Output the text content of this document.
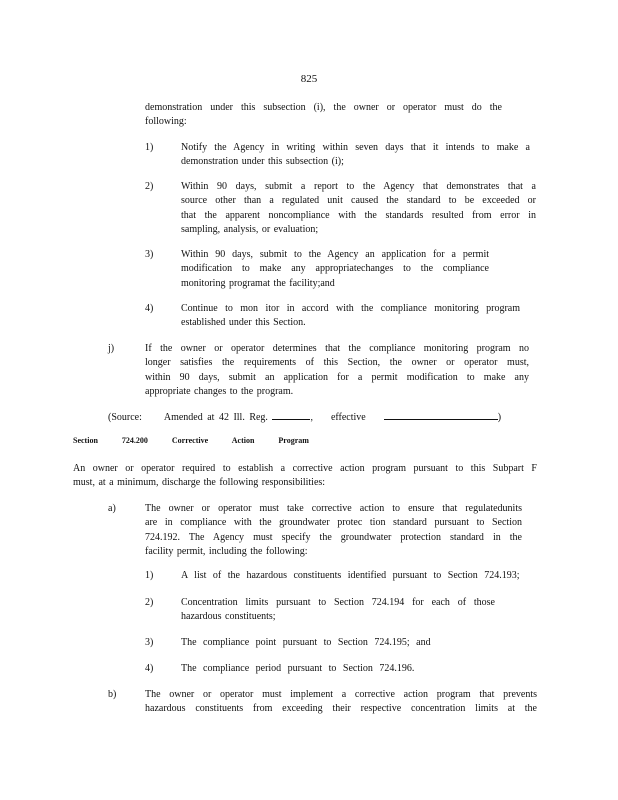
825

demonstration under this subsection (i), the owner or operator must do the

following:

1)	Notify the Agency in writing within seven days that it intends to make a

demonstration under this subsection (i);

2)	Within 90 days, submit a report to the Agency that demonstrates that a

source other than a regulated unit caused the standard to be exceeded or

that the apparent noncompliance with the standards resulted from error in

sampling, analysis, or evaluation;

3)	Within 90 days, submit to the Agency an application for a permit

modification to make any appropriatechanges to the compliance

monitoring programat the facility;and

4)	Continue to mon itor in accord with the compliance monitoring program

established under this Section.

j)	If the owner or operator determines that the compliance monitoring program no

longer satisfies the requirements of this Section, the owner or operator must,

within 90 days, submit an application for a permit modification to make any

appropriate changes to the program.

(Source: Amended at 42 Ill. Reg.	, effective	)
Section	724.200	Corrective	Action	Program

An owner or operator required to establish a corrective action program pursuant to this Subpart F

must, at a minimum, discharge the following responsibilities:

a)	The owner or operator must take corrective action to ensure that regulatedunits

are in compliance with the groundwater protec tion standard pursuant to Section

724.192. The Agency must specify the groundwater protection standard in the

facility permit, including the following:

1)	A list of the hazardous constituents identified pursuant to Section 724.193;

2)	Concentration limits pursuant to Section 724.194 for each of those

hazardous constituents;

3)	The compliance point pursuant to Section 724.195; and

4)	The compliance period pursuant to Section 724.196.

b)	The owner or operator must implement a corrective action program that prevents

hazardous constituents from exceeding their respective concentration limits at the
